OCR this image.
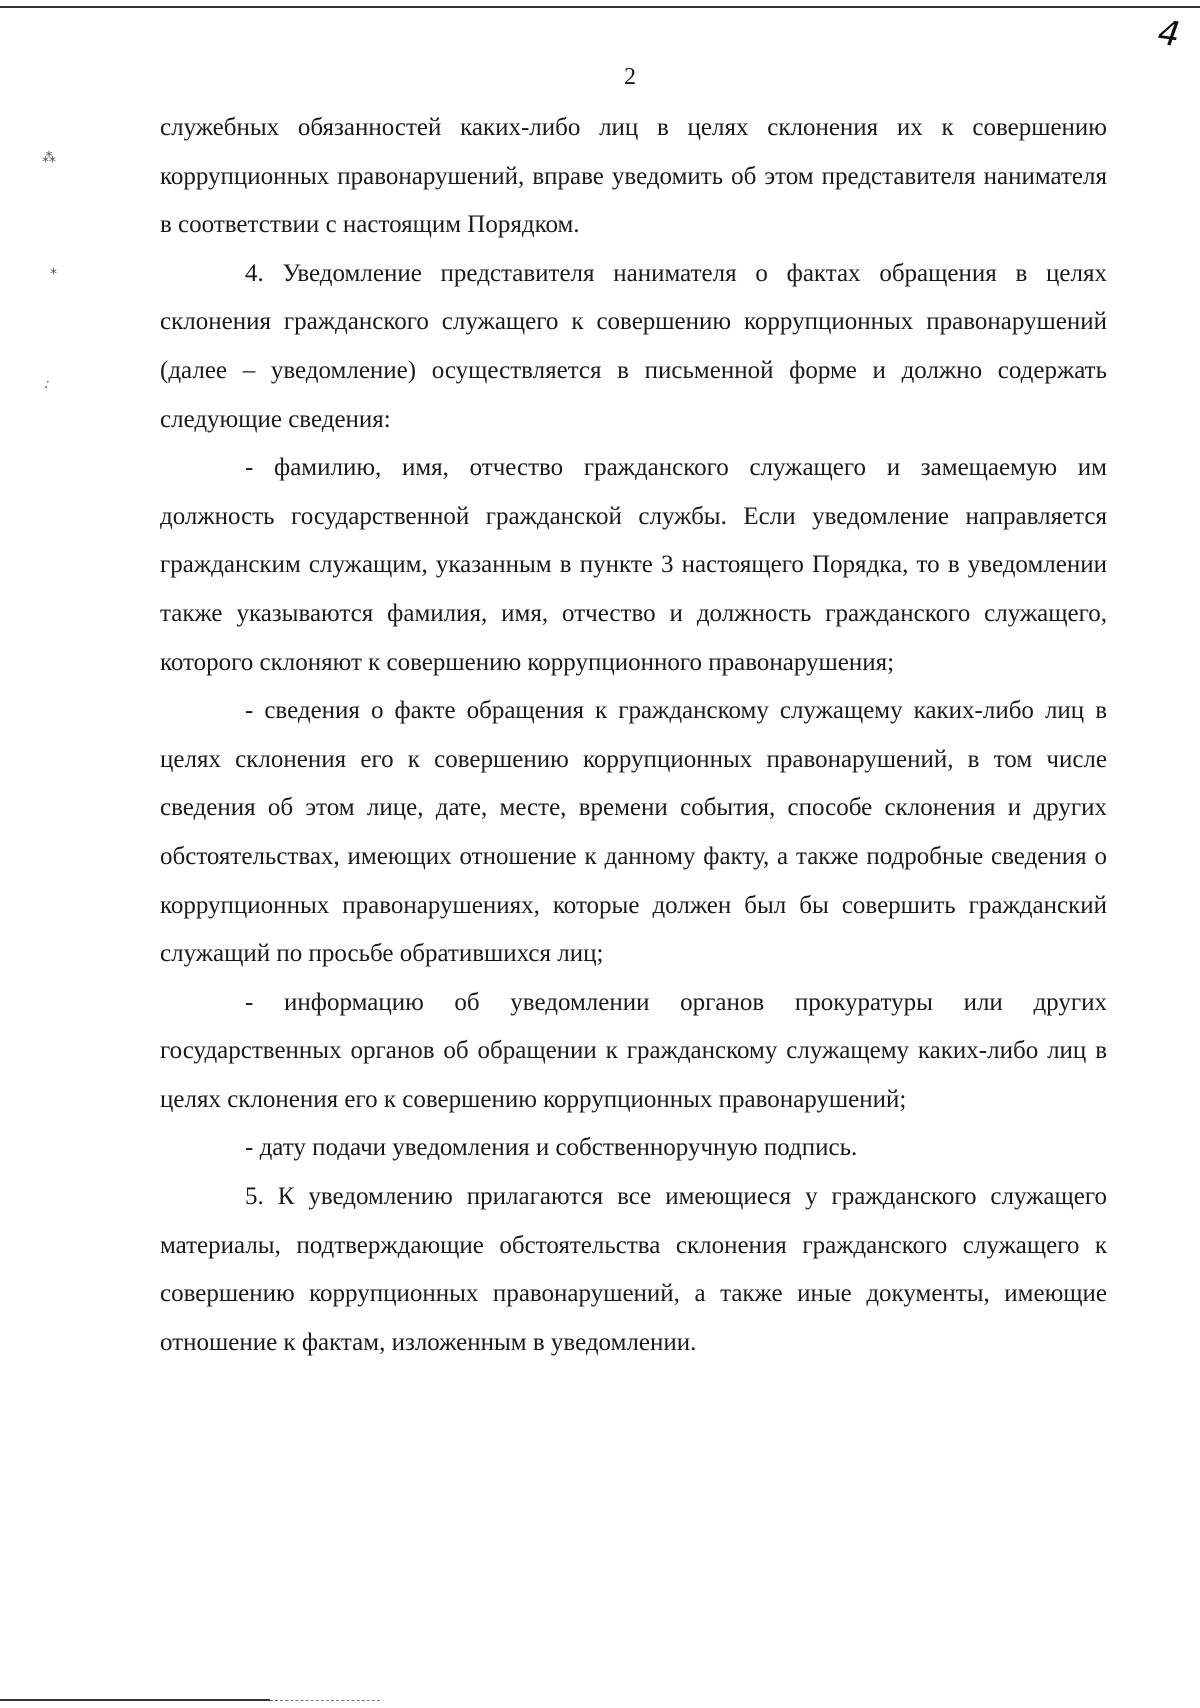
4
2
⁂
⁎
·͘

служебных обязанностей каких-либо лиц в целях склонения их к совершению коррупционных правонарушений, вправе уведомить об этом представителя нанимателя в соответствии с настоящим Порядком.

4. Уведомление представителя нанимателя о фактах обращения в целях склонения гражданского служащего к совершению коррупционных правонарушений (далее – уведомление) осуществляется в письменной форме и должно содержать следующие сведения:

- фамилию, имя, отчество гражданского служащего и замещаемую им должность государственной гражданской службы. Если уведомление направляется гражданским служащим, указанным в пункте 3 настоящего Порядка, то в уведомлении также указываются фамилия, имя, отчество и должность гражданского служащего, которого склоняют к совершению коррупционного правонарушения;

- сведения о факте обращения к гражданскому служащему каких-либо лиц в целях склонения его к совершению коррупционных правонарушений, в том числе сведения об этом лице, дате, месте, времени события, способе склонения и других обстоятельствах, имеющих отношение к данному факту, а также подробные сведения о коррупционных правонарушениях, которые должен был бы совершить гражданский служащий по просьбе обратившихся лиц;

- информацию об уведомлении органов прокуратуры или других государственных органов об обращении к гражданскому служащему каких-либо лиц в целях склонения его к совершению коррупционных правонарушений;

- дату подачи уведомления и собственноручную подпись.

5. К уведомлению прилагаются все имеющиеся у гражданского служащего материалы, подтверждающие обстоятельства склонения гражданского служащего к совершению коррупционных правонарушений, а также иные документы, имеющие отношение к фактам, изложенным в уведомлении.
